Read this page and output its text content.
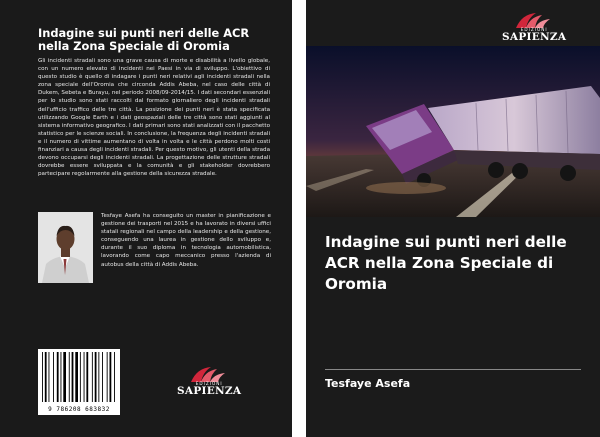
Indagine sui punti neri delle ACR nella Zona Speciale di Oromia

Gli incidenti stradali sono una grave causa di morte e disabilità a livello globale, con un numero elevato di incidenti nei Paesi in via di sviluppo. L'obiettivo di questo studio è quello di indagare i punti neri relativi agli incidenti stradali nella zona speciale dell'Oromia che circonda Addis Abeba, nel caso delle città di Dukem, Sebeta e Burayu, nel periodo 2008/09-2014/15. I dati secondari essenziali per lo studio sono stati raccolti dal formato giornaliero degli incidenti stradali dell'ufficio traffico delle tre città. La posizione dei punti neri è stata specificata utilizzando Google Earth e i dati geospaziali delle tre città sono stati aggiunti al sistema informativo geografico. I dati primari sono stati analizzati con il pacchetto statistico per le scienze sociali. In conclusione, la frequenza degli incidenti stradali e il numero di vittime aumentano di volta in volta e le città perdono molti costi finanziari a causa degli incidenti stradali. Per questo motivo, gli utenti della strada devono occuparsi degli incidenti stradali. La progettazione delle strutture stradali dovrebbe essere sviluppata e la comunità e gli stakeholder dovrebbero partecipare regolarmente alla gestione della sicurezza stradale.

Tesfaye Asefa ha conseguito un master in pianificazione e gestione dei trasporti nel 2015 e ha lavorato in diversi uffici statali regionali nel campo della leadership e della gestione, conseguendo una laurea in gestione dello sviluppo e, durante il suo diploma in tecnologia automobilistica, lavorando come capo meccanico presso l'azienda di autobus della città di Addis Abeba.

9 786208 683832
EDIZIONI
SAPIENZA
EDIZIONI
SAPIENZA
Indagine sui punti neri delle ACR nella Zona Speciale di Oromia

Tesfaye Asefa
